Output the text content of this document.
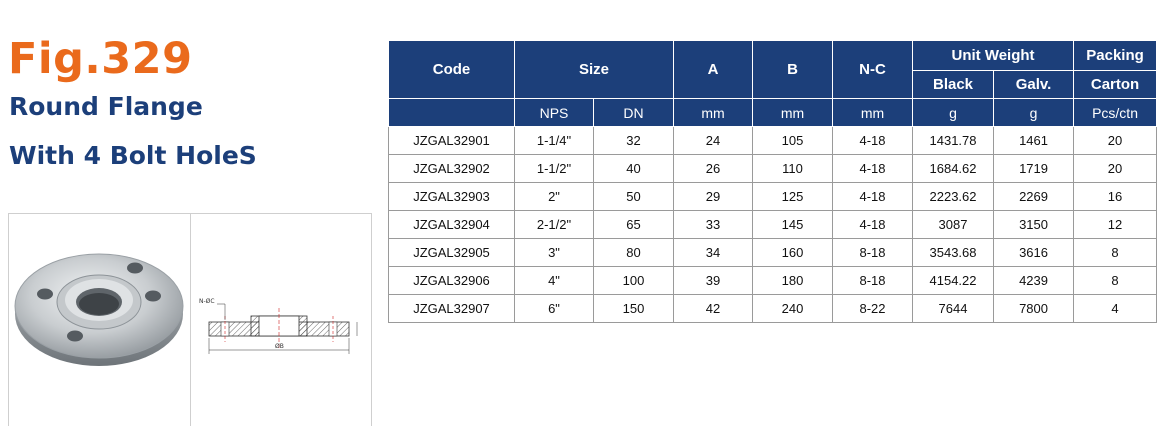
Fig.329
Round Flange
With 4 Bolt HoleS
N-ØC
ØB
Code	Size		A	B	N-C	Unit Weight		Packing
						Black	Galv.	Carton
	NPS	DN	mm	mm	mm	g	g	Pcs/ctn
JZGAL32901	1-1/4"	32	24	105	4-18	1431.78	1461	20
JZGAL32902	1-1/2"	40	26	110	4-18	1684.62	1719	20
JZGAL32903	2"	50	29	125	4-18	2223.62	2269	16
JZGAL32904	2-1/2"	65	33	145	4-18	3087	3150	12
JZGAL32905	3"	80	34	160	8-18	3543.68	3616	8
JZGAL32906	4"	100	39	180	8-18	4154.22	4239	8
JZGAL32907	6"	150	42	240	8-22	7644	7800	4
